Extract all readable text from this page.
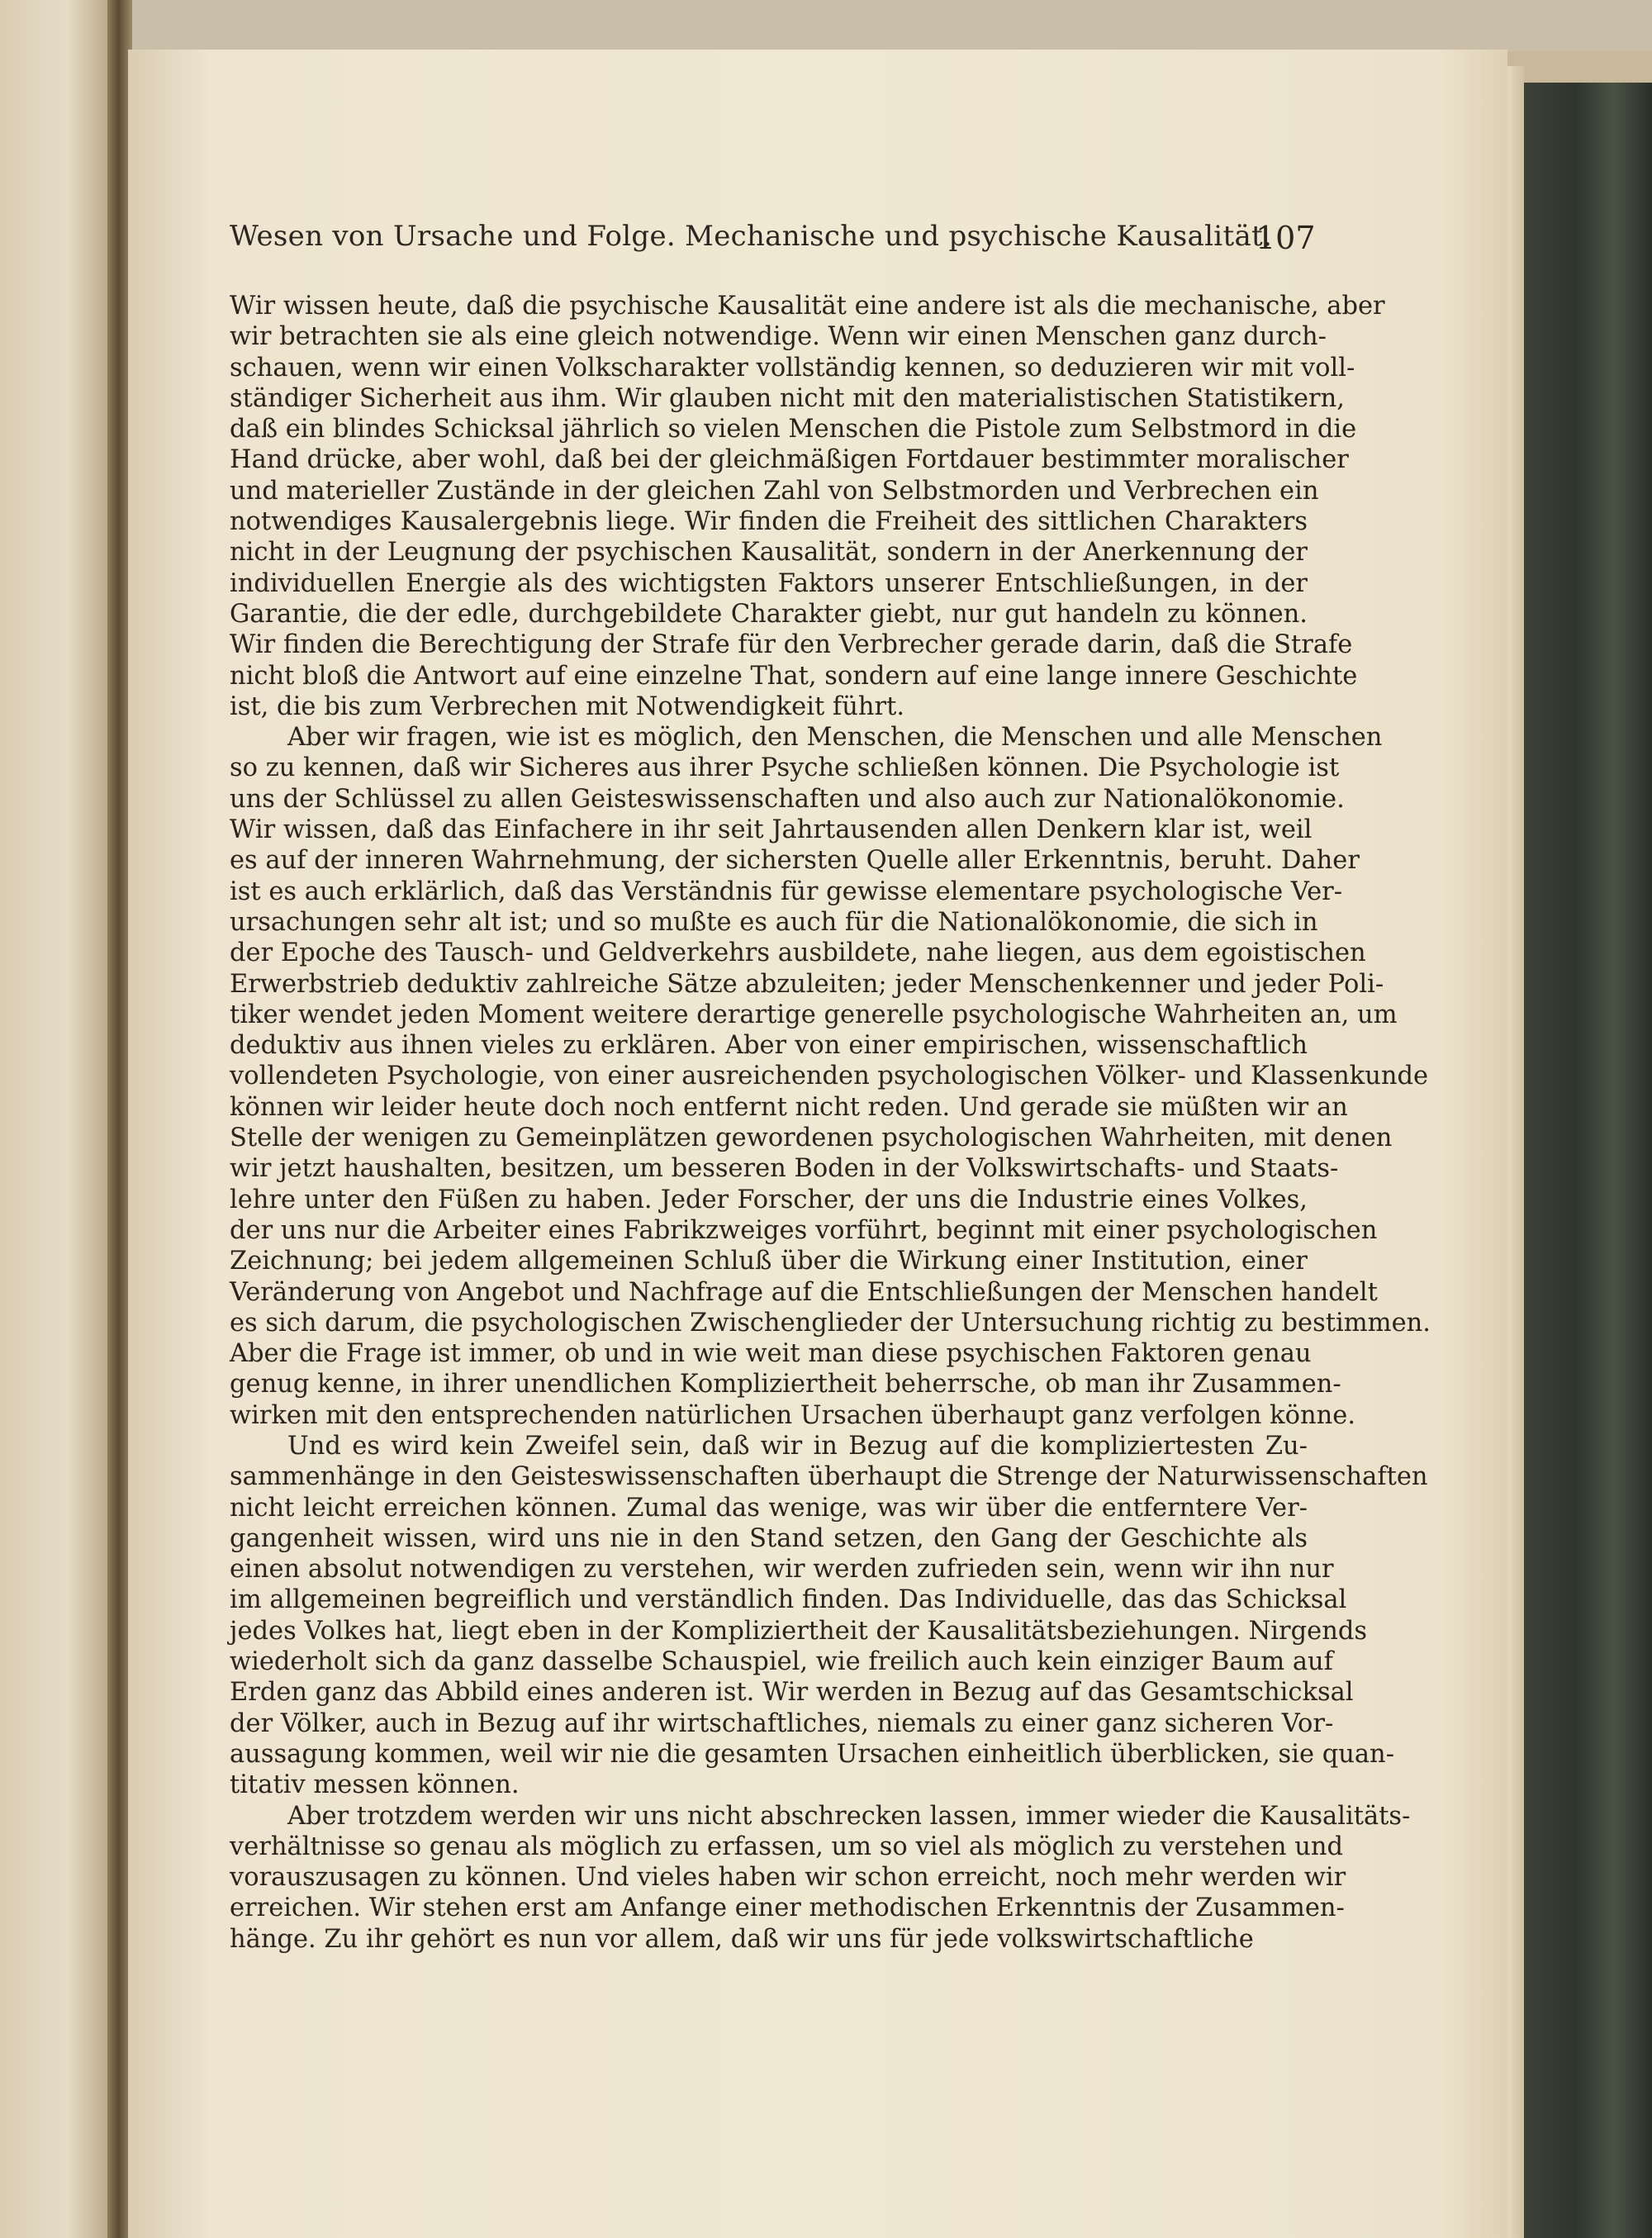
Wesen von Ursache und Folge. Mechanische und psychische Kausalität.
107
Wir wissen heute, daß die psychische Kausalität eine andere ist als die mechanische, aber
wir betrachten sie als eine gleich notwendige. Wenn wir einen Menschen ganz durch-
schauen, wenn wir einen Volkscharakter vollständig kennen, so deduzieren wir mit voll-
ständiger Sicherheit aus ihm. Wir glauben nicht mit den materialistischen Statistikern,
daß ein blindes Schicksal jährlich so vielen Menschen die Pistole zum Selbstmord in die
Hand drücke, aber wohl, daß bei der gleichmäßigen Fortdauer bestimmter moralischer
und materieller Zustände in der gleichen Zahl von Selbstmorden und Verbrechen ein
notwendiges Kausalergebnis liege. Wir finden die Freiheit des sittlichen Charakters
nicht in der Leugnung der psychischen Kausalität, sondern in der Anerkennung der
individuellen Energie als des wichtigsten Faktors unserer Entschließungen, in der
Garantie, die der edle, durchgebildete Charakter giebt, nur gut handeln zu können.
Wir finden die Berechtigung der Strafe für den Verbrecher gerade darin, daß die Strafe
nicht bloß die Antwort auf eine einzelne That, sondern auf eine lange innere Geschichte
ist, die bis zum Verbrechen mit Notwendigkeit führt.
Aber wir fragen, wie ist es möglich, den Menschen, die Menschen und alle Menschen
so zu kennen, daß wir Sicheres aus ihrer Psyche schließen können. Die Psychologie ist
uns der Schlüssel zu allen Geisteswissenschaften und also auch zur Nationalökonomie.
Wir wissen, daß das Einfachere in ihr seit Jahrtausenden allen Denkern klar ist, weil
es auf der inneren Wahrnehmung, der sichersten Quelle aller Erkenntnis, beruht. Daher
ist es auch erklärlich, daß das Verständnis für gewisse elementare psychologische Ver-
ursachungen sehr alt ist; und so mußte es auch für die Nationalökonomie, die sich in
der Epoche des Tausch- und Geldverkehrs ausbildete, nahe liegen, aus dem egoistischen
Erwerbstrieb deduktiv zahlreiche Sätze abzuleiten; jeder Menschenkenner und jeder Poli-
tiker wendet jeden Moment weitere derartige generelle psychologische Wahrheiten an, um
deduktiv aus ihnen vieles zu erklären. Aber von einer empirischen, wissenschaftlich
vollendeten Psychologie, von einer ausreichenden psychologischen Völker- und Klassenkunde
können wir leider heute doch noch entfernt nicht reden. Und gerade sie müßten wir an
Stelle der wenigen zu Gemeinplätzen gewordenen psychologischen Wahrheiten, mit denen
wir jetzt haushalten, besitzen, um besseren Boden in der Volkswirtschafts- und Staats-
lehre unter den Füßen zu haben. Jeder Forscher, der uns die Industrie eines Volkes,
der uns nur die Arbeiter eines Fabrikzweiges vorführt, beginnt mit einer psychologischen
Zeichnung; bei jedem allgemeinen Schluß über die Wirkung einer Institution, einer
Veränderung von Angebot und Nachfrage auf die Entschließungen der Menschen handelt
es sich darum, die psychologischen Zwischenglieder der Untersuchung richtig zu bestimmen.
Aber die Frage ist immer, ob und in wie weit man diese psychischen Faktoren genau
genug kenne, in ihrer unendlichen Kompliziertheit beherrsche, ob man ihr Zusammen-
wirken mit den entsprechenden natürlichen Ursachen überhaupt ganz verfolgen könne.
Und es wird kein Zweifel sein, daß wir in Bezug auf die kompliziertesten Zu-
sammenhänge in den Geisteswissenschaften überhaupt die Strenge der Naturwissenschaften
nicht leicht erreichen können. Zumal das wenige, was wir über die entferntere Ver-
gangenheit wissen, wird uns nie in den Stand setzen, den Gang der Geschichte als
einen absolut notwendigen zu verstehen, wir werden zufrieden sein, wenn wir ihn nur
im allgemeinen begreiflich und verständlich finden. Das Individuelle, das das Schicksal
jedes Volkes hat, liegt eben in der Kompliziertheit der Kausalitätsbeziehungen. Nirgends
wiederholt sich da ganz dasselbe Schauspiel, wie freilich auch kein einziger Baum auf
Erden ganz das Abbild eines anderen ist. Wir werden in Bezug auf das Gesamtschicksal
der Völker, auch in Bezug auf ihr wirtschaftliches, niemals zu einer ganz sicheren Vor-
aussagung kommen, weil wir nie die gesamten Ursachen einheitlich überblicken, sie quan-
titativ messen können.
Aber trotzdem werden wir uns nicht abschrecken lassen, immer wieder die Kausalitäts-
verhältnisse so genau als möglich zu erfassen, um so viel als möglich zu verstehen und
vorauszusagen zu können. Und vieles haben wir schon erreicht, noch mehr werden wir
erreichen. Wir stehen erst am Anfange einer methodischen Erkenntnis der Zusammen-
hänge. Zu ihr gehört es nun vor allem, daß wir uns für jede volkswirtschaftliche
